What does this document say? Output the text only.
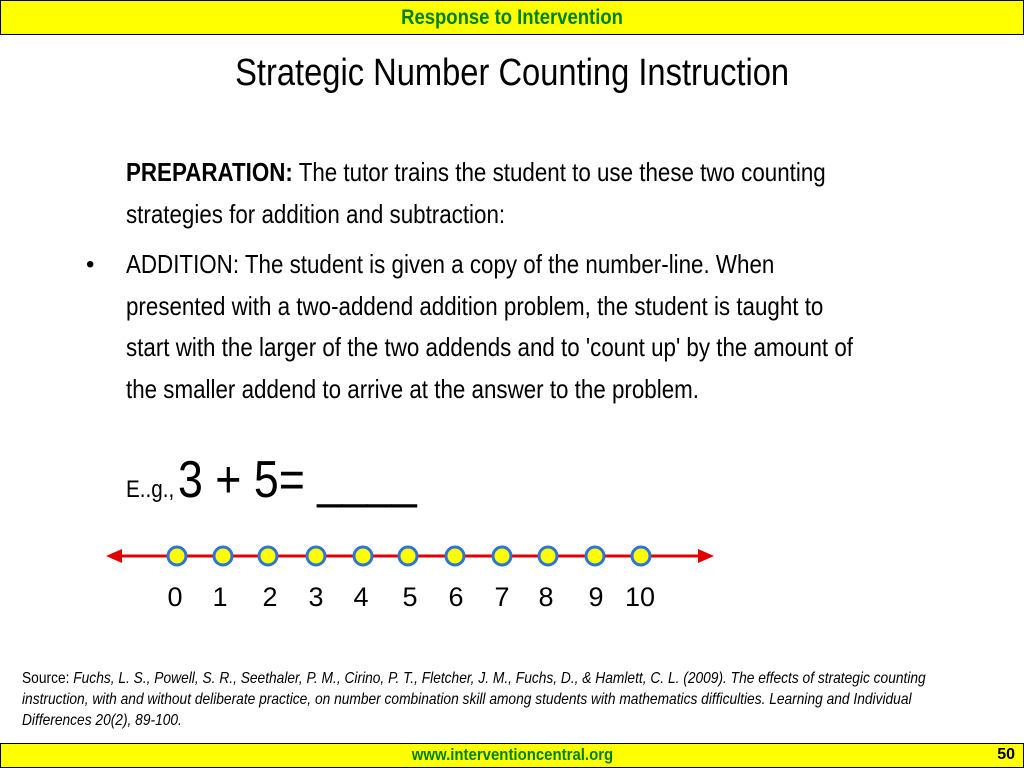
Response to Intervention
Strategic Number Counting Instruction
PREPARATION: The tutor trains the student to use these two counting strategies for addition and subtraction:
• ADDITION: The student is given a copy of the number-line. When presented with a two-addend addition problem, the student is taught to start with the larger of the two addends and to 'count up' by the amount of the smaller addend to arrive at the answer to the problem.
E..g., 3 + 5= ____
0 1 2 3 4 5 6 7 8 9 10
Source: Fuchs, L. S., Powell, S. R., Seethaler, P. M., Cirino, P. T., Fletcher, J. M., Fuchs, D., & Hamlett, C. L. (2009). The effects of strategic counting instruction, with and without deliberate practice, on number combination skill among students with mathematics difficulties. Learning and Individual Differences 20(2), 89-100.
www.interventioncentral.org	50
